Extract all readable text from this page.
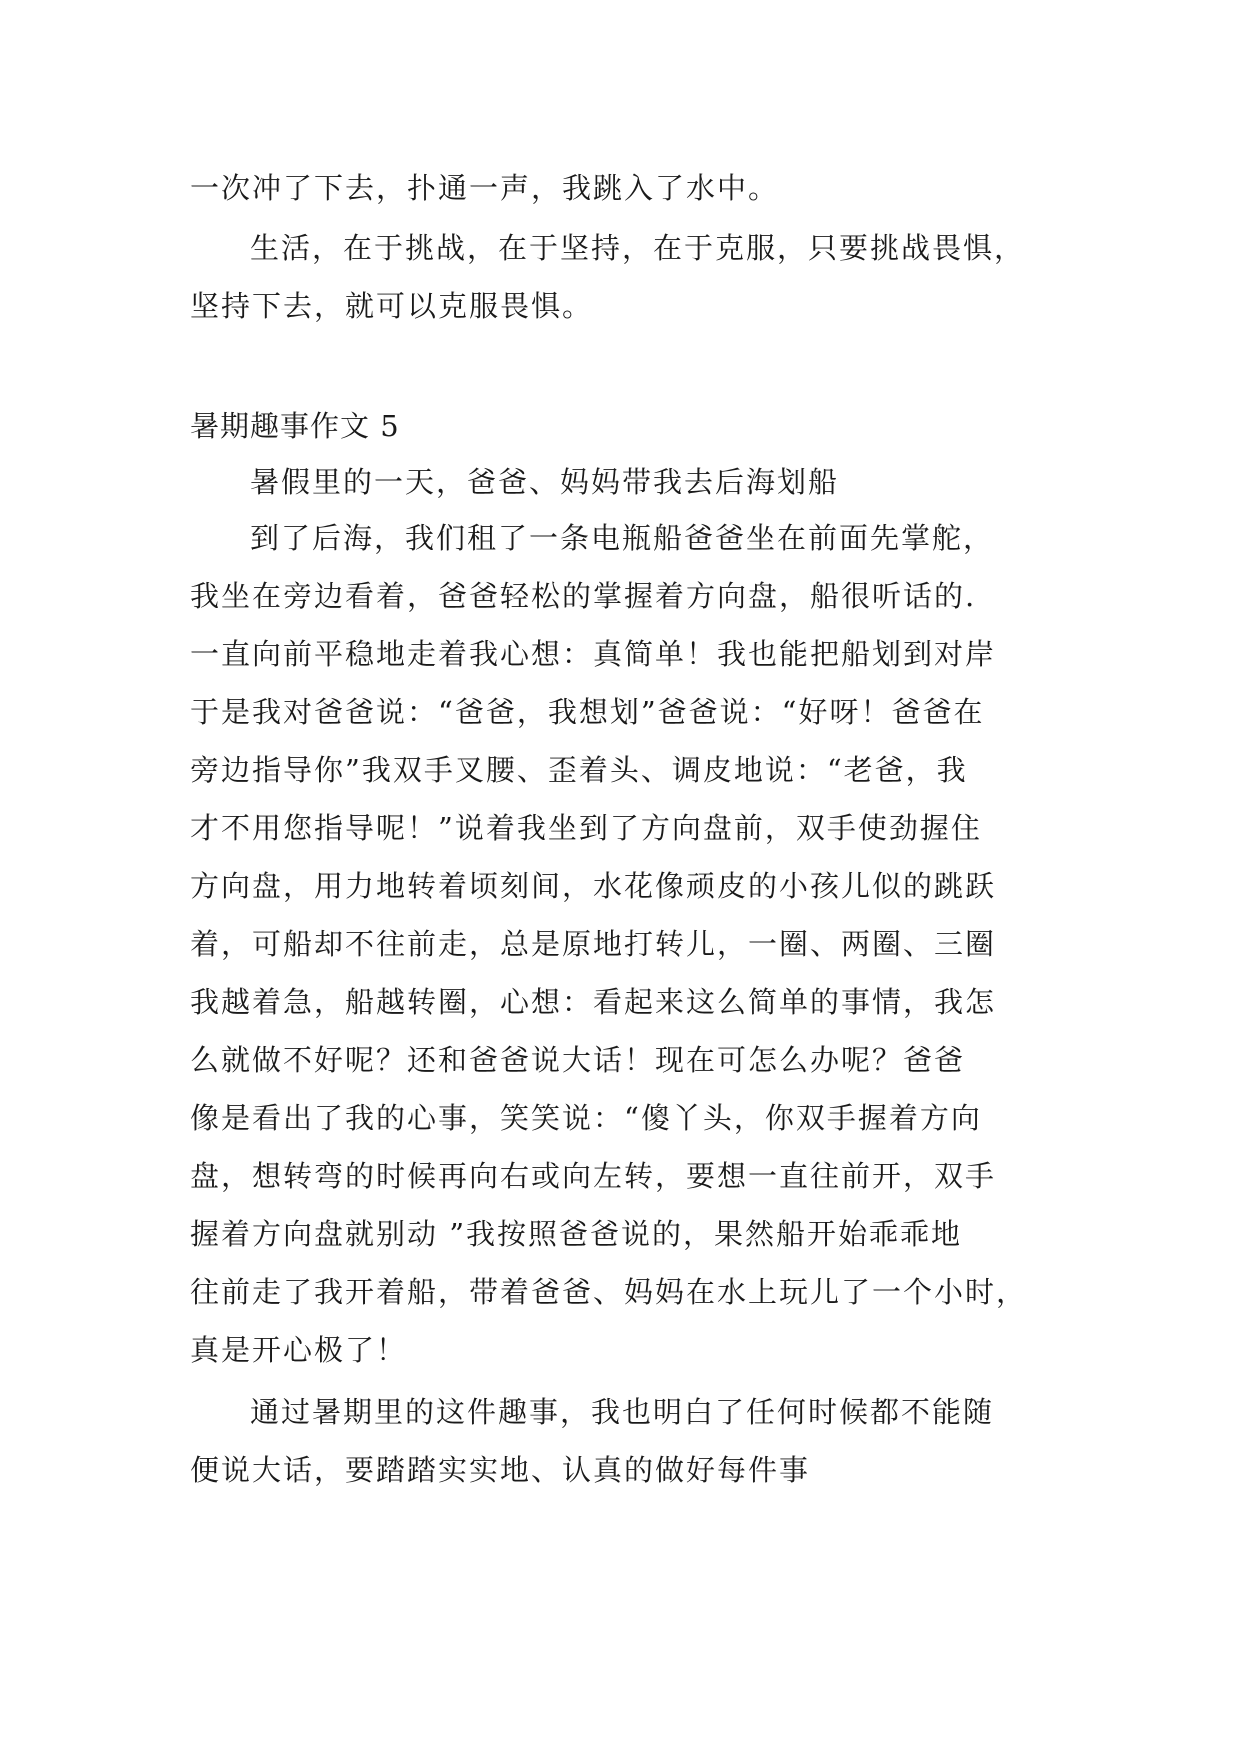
一次冲了下去，扑通一声，我跳入了水中。
生活，在于挑战，在于坚持，在于克服，只要挑战畏惧，
坚持下去，就可以克服畏惧。
暑期趣事作文 5
暑假里的一天，爸爸、妈妈带我去后海划船
到了后海，我们租了一条电瓶船爸爸坐在前面先掌舵，
我坐在旁边看着，爸爸轻松的掌握着方向盘，船很听话的.
一直向前平稳地走着我心想：真简单！我也能把船划到对岸
于是我对爸爸说：“爸爸，我想划”爸爸说：“好呀！爸爸在
旁边指导你”我双手叉腰、歪着头、调皮地说：“老爸，我
才不用您指导呢！”说着我坐到了方向盘前，双手使劲握住
方向盘，用力地转着顷刻间，水花像顽皮的小孩儿似的跳跃
着，可船却不往前走，总是原地打转儿，一圈、两圈、三圈
我越着急，船越转圈，心想：看起来这么简单的事情，我怎
么就做不好呢？还和爸爸说大话！现在可怎么办呢？爸爸
像是看出了我的心事，笑笑说：“傻丫头，你双手握着方向
盘，想转弯的时候再向右或向左转，要想一直往前开，双手
握着方向盘就别动 ”我按照爸爸说的，果然船开始乖乖地
往前走了我开着船，带着爸爸、妈妈在水上玩儿了一个小时，
真是开心极了！
通过暑期里的这件趣事，我也明白了任何时候都不能随
便说大话，要踏踏实实地、认真的做好每件事
